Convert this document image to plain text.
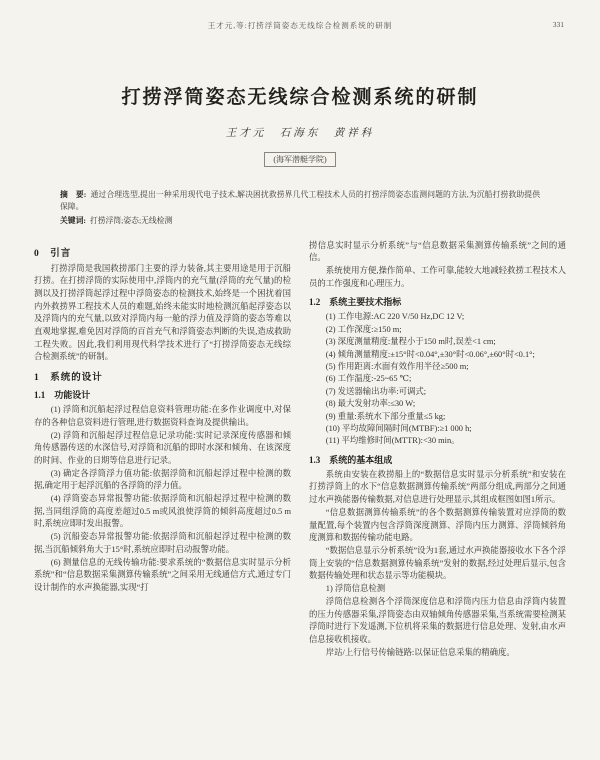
王才元,等:打捞浮筒姿态无线综合检测系统的研制	331
打捞浮筒姿态无线综合检测系统的研制
王才元　石海东　黄祥科
(海军潜艇学院)
摘　要: 通过合理选型,提出一种采用现代电子技术,解决困扰救捞界几代工程技术人员的打捞浮筒姿态监测问题的方法,为沉船打捞救助提供保障。
关键词: 打捞浮筒;姿态;无线检测
0　引言

打捞浮筒是我国救捞部门主要的浮力装备,其主要用途是用于沉船打捞。在打捞浮筒的实际使用中,浮筒内的充气量(浮筒的充气量)的检测以及打捞浮筒起浮过程中浮筒姿态的检测技术,始终是一个困扰着国内外救捞界工程技术人员的难题,始终未能实时地检测沉船起浮姿态以及浮筒内的充气量,以致对浮筒内每一舱的浮力值及浮筒的姿态等难以直观地掌握,难免因对浮筒的百首充气和浮筒姿态判断的失误,造成救助工程失败。因此,我们利用现代科学技术进行了“打捞浮筒姿态无线综合检测系统”的研制。

1　系统的设计
1.1　功能设计

(1) 浮筒和沉船起浮过程信息资料管理功能:在多作业调度中,对保存的各种信息资料进行管理,进行数据资料查询及提供输出。

(2) 浮筒和沉船起浮过程信息记录功能:实时记录深度传感器和倾角传感器传送的水深信号,对浮筒和沉船的即时水深和倾角、在该深度的时间、作业的日期等信息进行记录。

(3) 确定各浮筒浮力值功能:依据浮筒和沉船起浮过程中检测的数据,确定用于起浮沉船的各浮筒的浮力值。

(4) 浮筒姿态异常报警功能:依据浮筒和沉船起浮过程中检测的数据,当同组浮筒的高度差超过0.5 m或风浪使浮筒的倾斜高度超过0.5 m时,系统应即时发出报警。

(5) 沉船姿态异常报警功能:依据浮筒和沉船起浮过程中检测的数据,当沉船倾斜角大于15°时,系统应即时启动报警功能。

(6) 测量信息的无线传输功能:要求系统的“数据信息实时显示分析系统”和“信息数据采集测算传输系统”之间采用无线通信方式,通过专门设计制作的水声换能器,实现“打

捞信息实时显示分析系统”与“信息数据采集测算传输系统”之间的通信。

系统使用方便,操作简单、工作可靠,能较大地减轻救捞工程技术人员的工作强度和心理压力。

1.2　系统主要技术指标

(1) 工作电源:AC 220 V/50 Hz,DC 12 V;

(2) 工作深度:≥150 m;

(3) 深度测量精度:量程小于150 m时,误差<1 cm;

(4) 倾角测量精度:±15°时<0.04°,±30°时<0.06°,±60°时<0.1°;

(5) 作用距离:水面有效作用半径≥500 m;

(6) 工作温度:-25~65 ℃;

(7) 发送器输出功率:可调式;

(8) 最大发射功率:≤30 W;

(9) 重量:系统水下部分重量≤5 kg;

(10) 平均故障间隔时间(MTBF):≥1 000 h;

(11) 平均维修时间(MTTR):<30 min。

1.3　系统的基本组成

系统由安装在救捞船上的“数据信息实时显示分析系统”和安装在打捞浮筒上的水下“信息数据测算传输系统”两部分组成,两部分之间通过水声换能器传输数据,对信息进行处理显示,其组成框图如图1所示。

“信息数据测算传输系统”的各个数据测算传输装置对应浮筒的数量配置,每个装置内包含浮筒深度测算、浮筒内压力测算、浮筒倾斜角度测算和数据传输功能电路。

“数据信息显示分析系统”设为1套,通过水声换能器接收水下各个浮筒上安装的“信息数据测算传输系统”发射的数据,经过处理后显示,包含数据传输处理和状态显示等功能模块。

1) 浮筒信息检测

浮筒信息检测各个浮筒深度信息和浮筒内压力信息由浮筒内装置的压力传感器采集,浮筒姿态由双轴倾角传感器采集,当系统需要检测某浮筒时进行下发遥测,下位机将采集的数据进行信息处理、发射,由水声信息接收机接收。

岸站/上行信号传输链路:以保证信息采集的精确度。
